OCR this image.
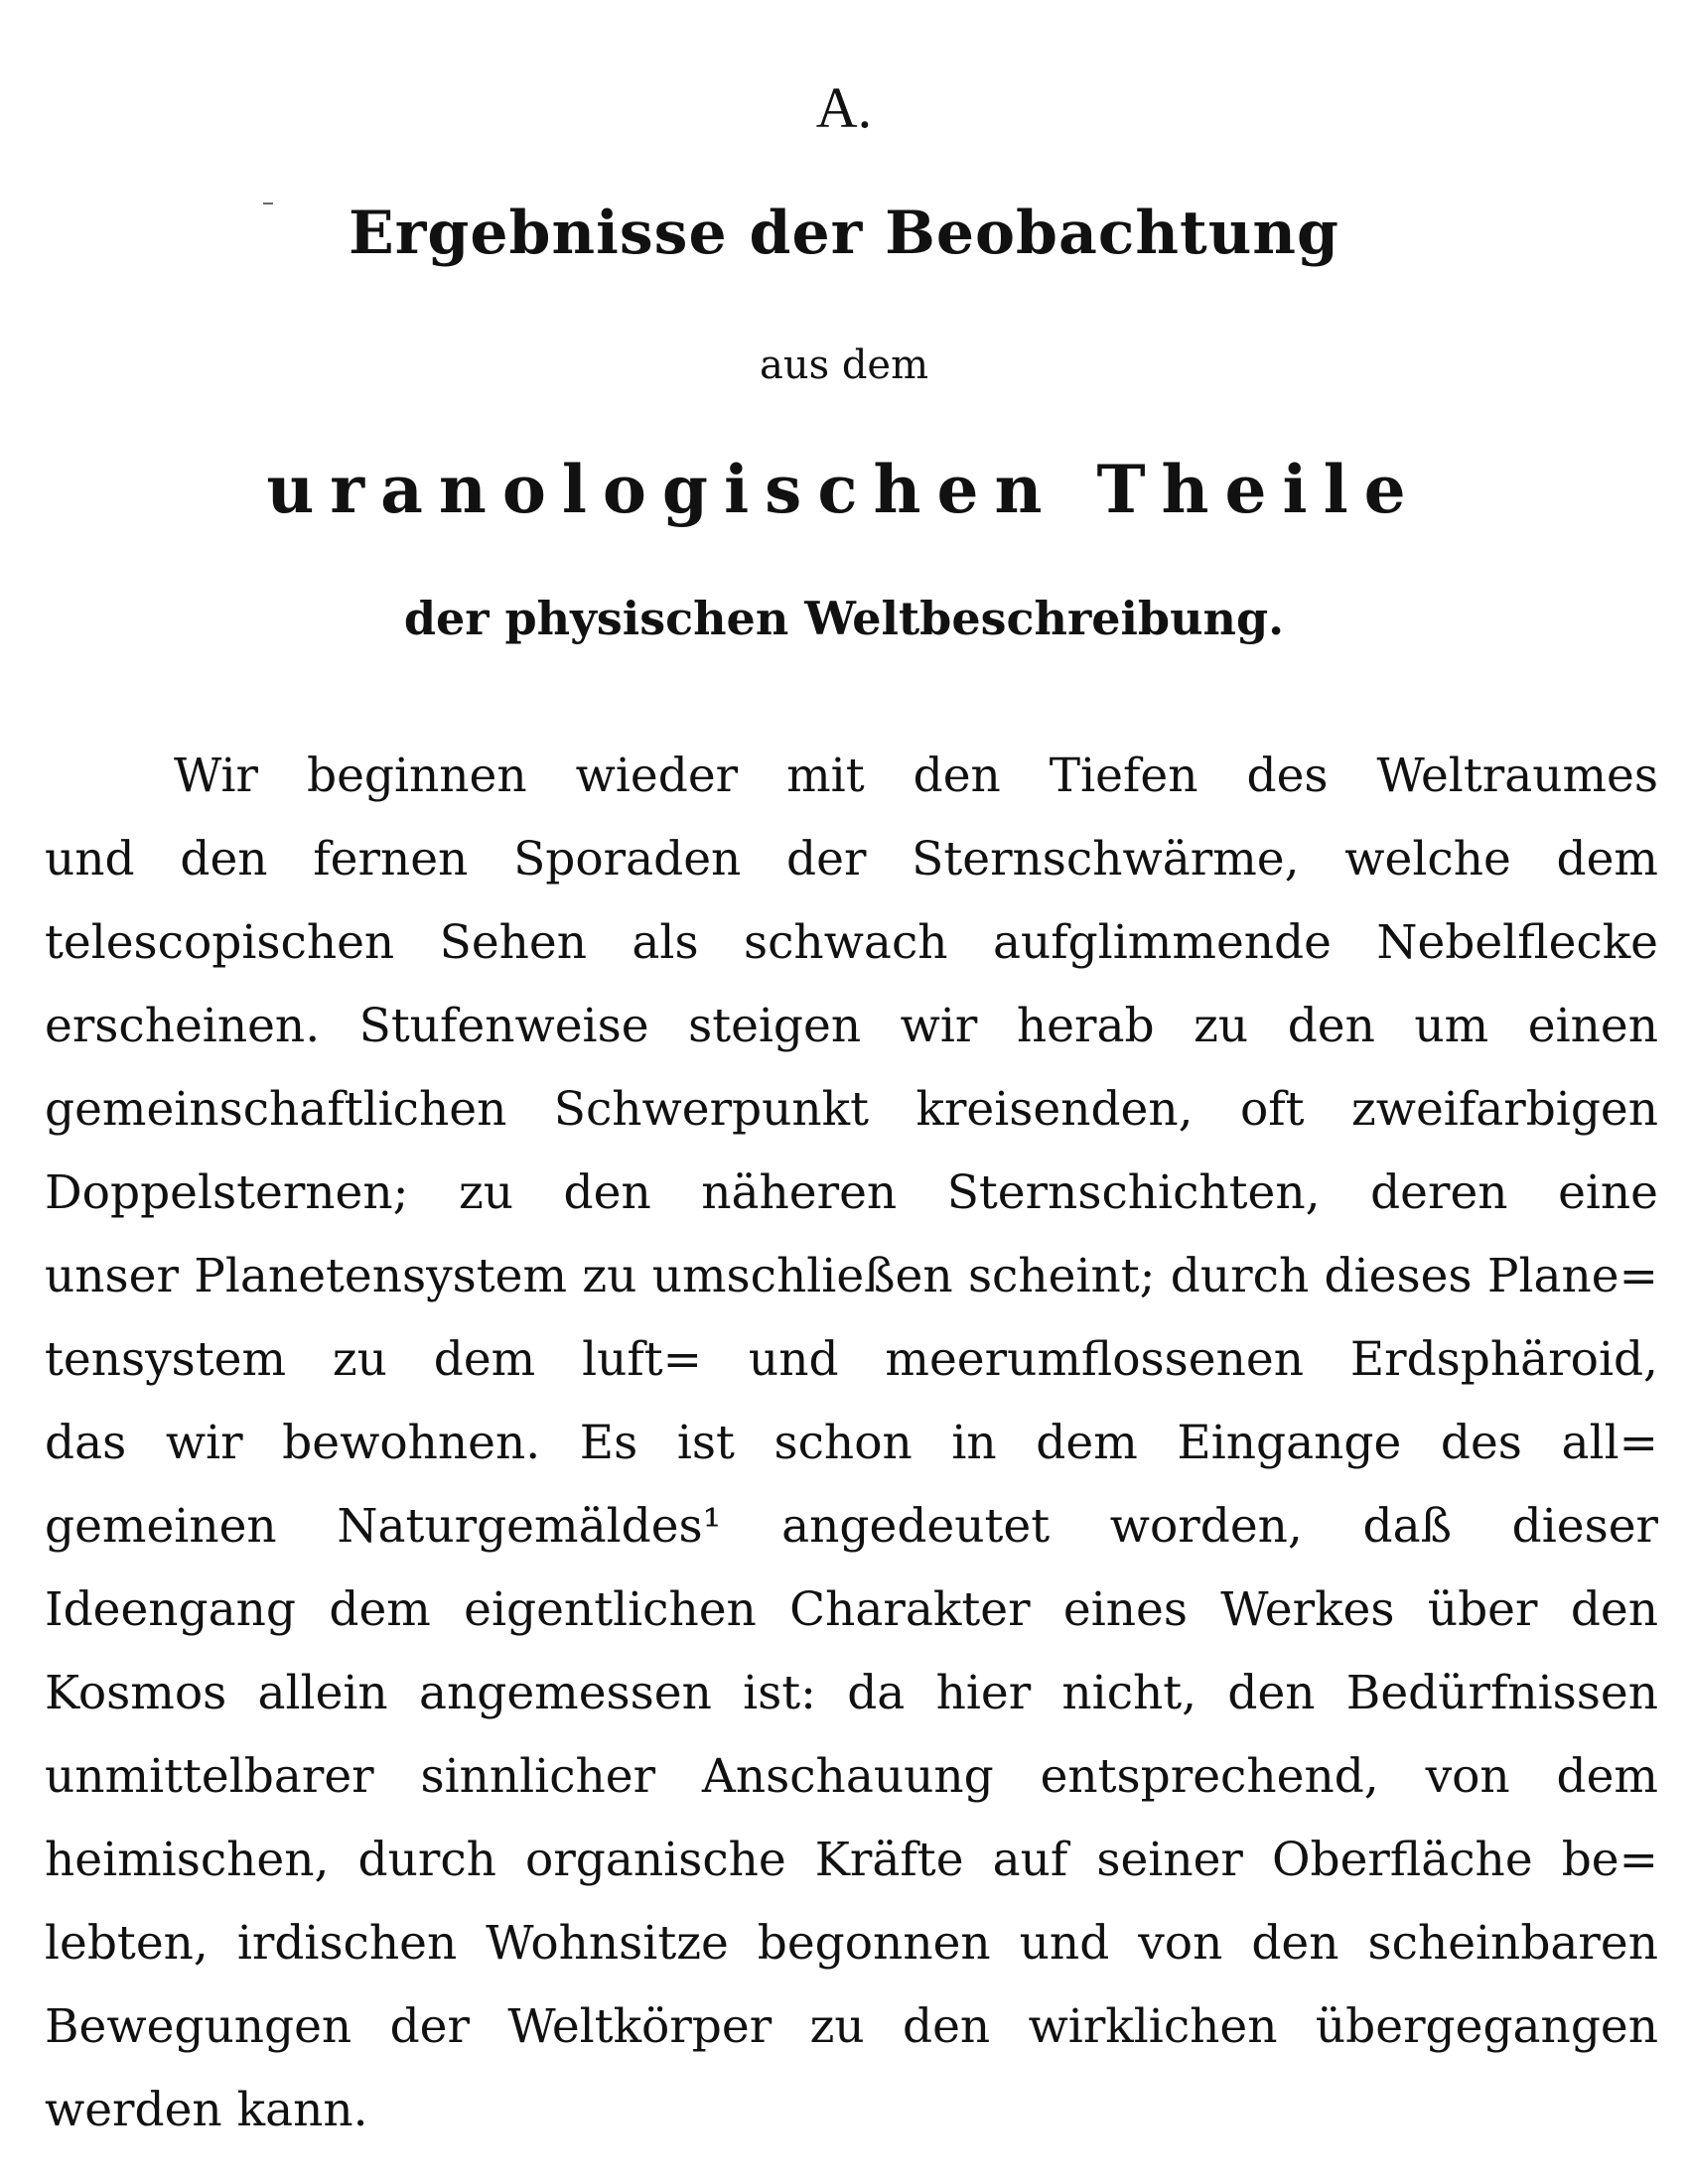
A.
Ergebnisse der Beobachtung
aus dem
uranologischen Theile
der physischen Weltbeschreibung.
Wir beginnen wieder mit den Tiefen des Weltraumes
und den fernen Sporaden der Sternschwärme, welche dem
telescopischen Sehen als schwach aufglimmende Nebelflecke
erscheinen. Stufenweise steigen wir herab zu den um einen
gemeinschaftlichen Schwerpunkt kreisenden, oft zweifarbigen
Doppelsternen; zu den näheren Sternschichten, deren eine
unser Planetensystem zu umschließen scheint; durch dieses Plane=
tensystem zu dem luft= und meerumflossenen Erdsphäroid,
das wir bewohnen. Es ist schon in dem Eingange des all=
gemeinen Naturgemäldes¹ angedeutet worden, daß dieser
Ideengang dem eigentlichen Charakter eines Werkes über den
Kosmos allein angemessen ist: da hier nicht, den Bedürfnissen
unmittelbarer sinnlicher Anschauung entsprechend, von dem
heimischen, durch organische Kräfte auf seiner Oberfläche be=
lebten, irdischen Wohnsitze begonnen und von den scheinbaren
Bewegungen der Weltkörper zu den wirklichen übergegangen
werden kann.
